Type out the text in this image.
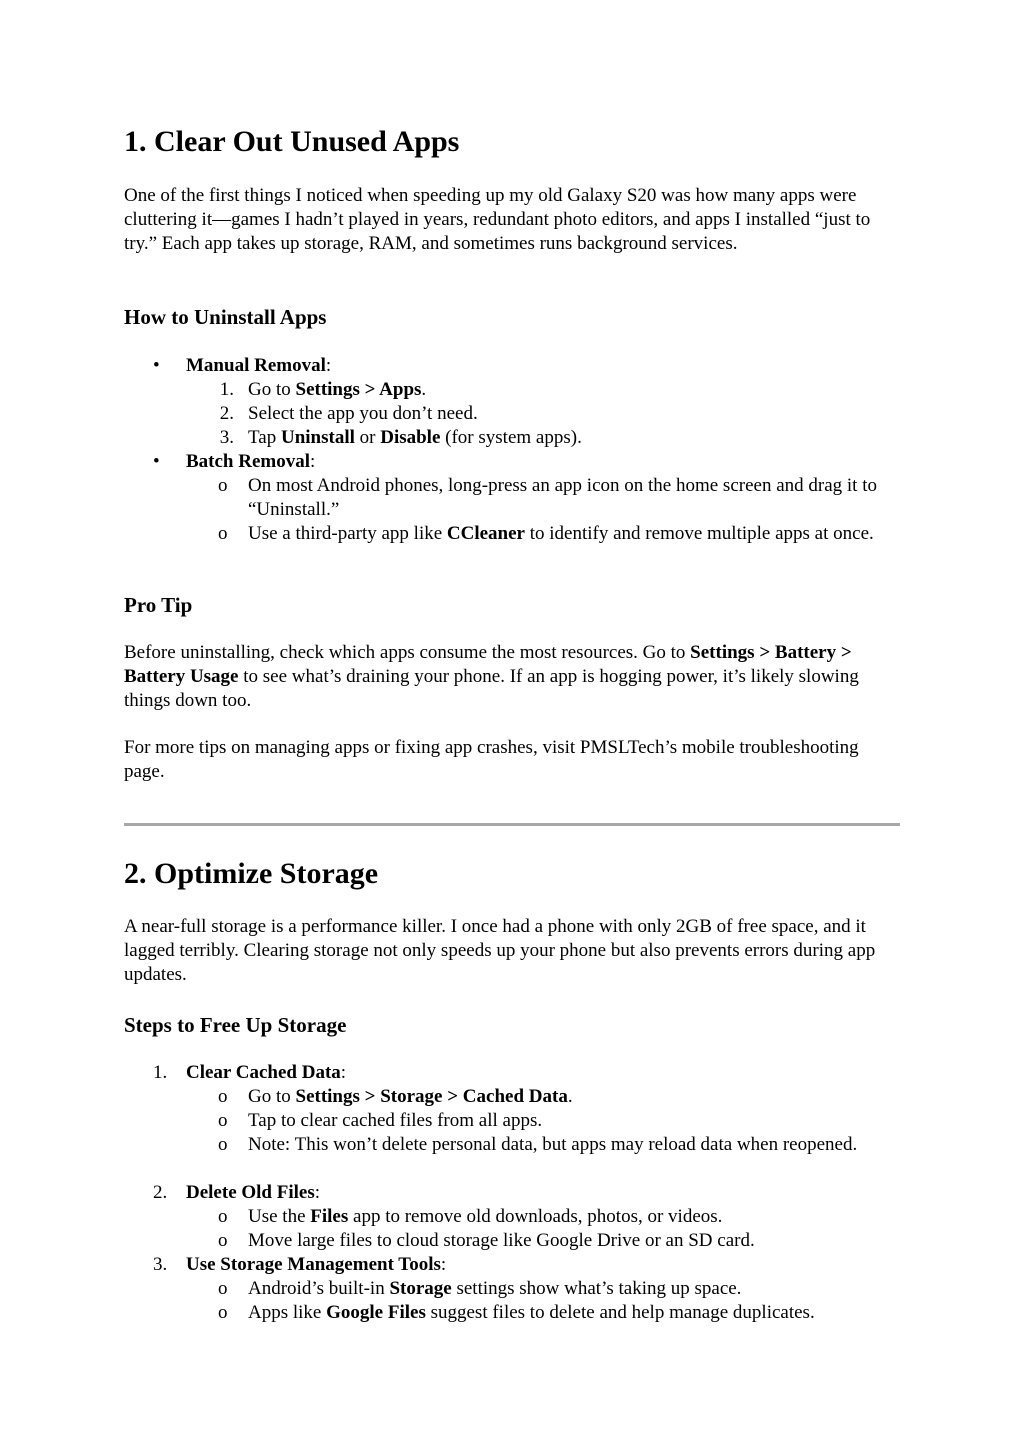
1. Clear Out Unused Apps

One of the first things I noticed when speeding up my old Galaxy S20 was how many apps were cluttering it—games I hadn’t played in years, redundant photo editors, and apps I installed “just to try.” Each app takes up storage, RAM, and sometimes runs background services.

How to Uninstall Apps
•	Manual Removal:
1. Go to Settings > Apps.
2. Select the app you don’t need.
3. Tap Uninstall or Disable (for system apps).
•	Batch Removal:
o	On most Android phones, long-press an app icon on the home screen and drag it to “Uninstall.”
o	Use a third-party app like CCleaner to identify and remove multiple apps at once.
Pro Tip

Before uninstalling, check which apps consume the most resources. Go to Settings > Battery > Battery Usage to see what’s draining your phone. If an app is hogging power, it’s likely slowing things down too.

For more tips on managing apps or fixing app crashes, visit PMSLTech’s mobile troubleshooting page.

2. Optimize Storage

A near-full storage is a performance killer. I once had a phone with only 2GB of free space, and it lagged terribly. Clearing storage not only speeds up your phone but also prevents errors during app updates.

Steps to Free Up Storage
1. Clear Cached Data:
o	Go to Settings > Storage > Cached Data.
o	Tap to clear cached files from all apps.
o	Note: This won’t delete personal data, but apps may reload data when reopened.
2. Delete Old Files:
o	Use the Files app to remove old downloads, photos, or videos.
o	Move large files to cloud storage like Google Drive or an SD card.
3. Use Storage Management Tools:
o	Android’s built-in Storage settings show what’s taking up space.
o	Apps like Google Files suggest files to delete and help manage duplicates.
